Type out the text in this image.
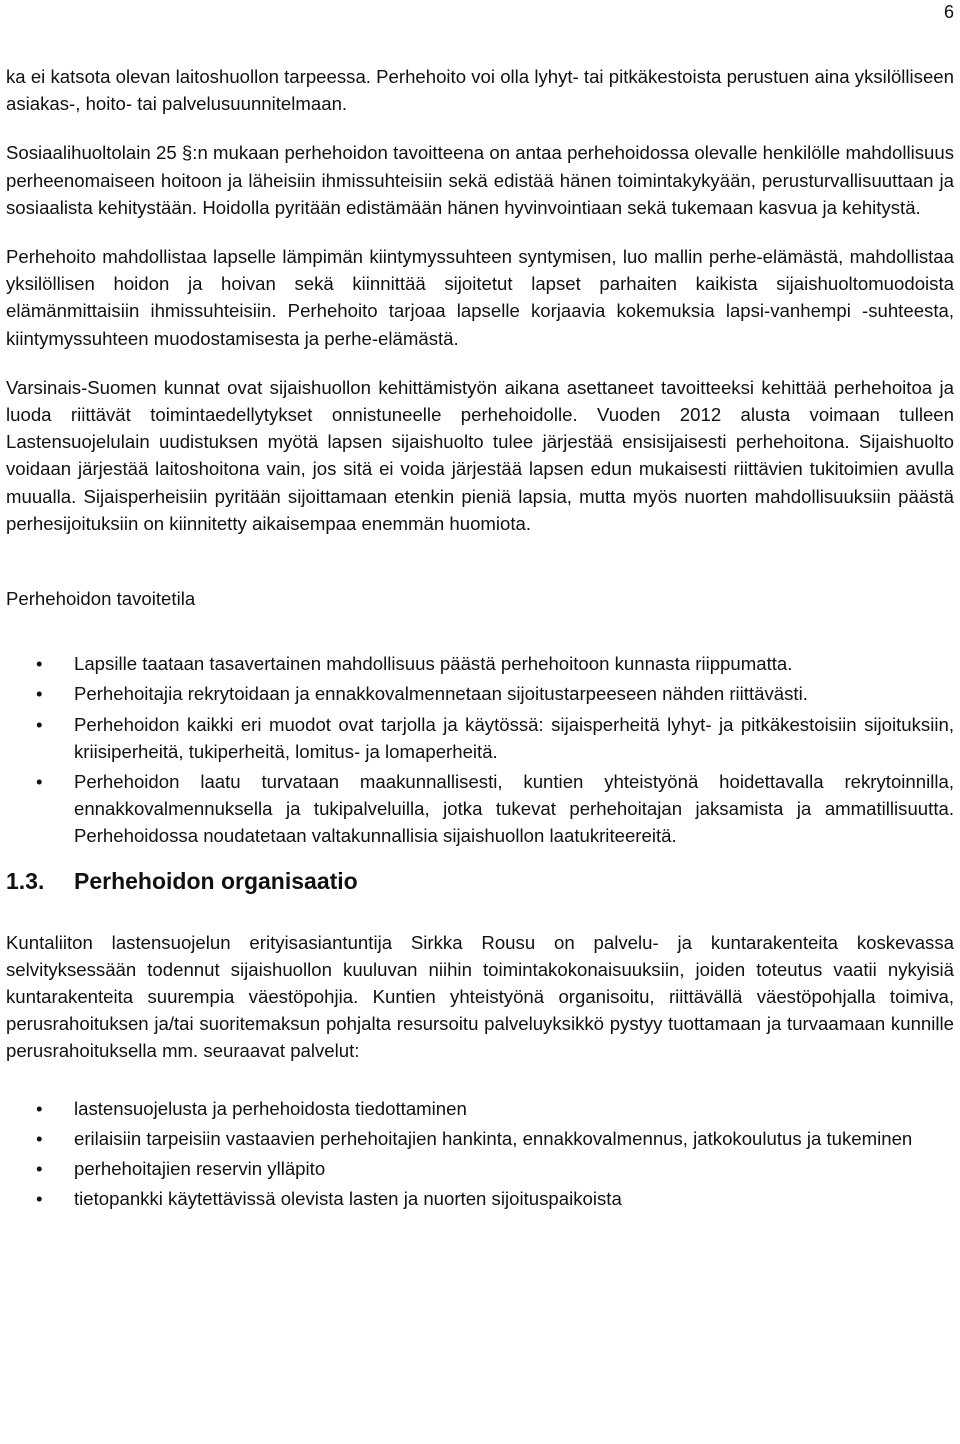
6

ka ei katsota olevan laitoshuollon tarpeessa. Perhehoito voi olla lyhyt- tai pitkäkestoista perustuen aina yksilölliseen asiakas-, hoito- tai palvelusuunnitelmaan.

Sosiaalihuoltolain 25 §:n mukaan perhehoidon tavoitteena on antaa perhehoidossa olevalle henkilölle mahdollisuus perheenomaiseen hoitoon ja läheisiin ihmissuhteisiin sekä edistää hänen toimintakykyään, perusturvallisuuttaan ja sosiaalista kehitystään. Hoidolla pyritään edistämään hänen hyvinvointiaan sekä tukemaan kasvua ja kehitystä.

Perhehoito mahdollistaa lapselle lämpimän kiintymyssuhteen syntymisen, luo mallin perhe-elämästä, mahdollistaa yksilöllisen hoidon ja hoivan sekä kiinnittää sijoitetut lapset parhaiten kaikista sijaishuoltomuodoista elämänmittaisiin ihmissuhteisiin. Perhehoito tarjoaa lapselle korjaavia kokemuksia lapsi-vanhempi -suhteesta, kiintymyssuhteen muodostamisesta ja perhe-elämästä.

Varsinais-Suomen kunnat ovat sijaishuollon kehittämistyön aikana asettaneet tavoitteeksi kehittää perhehoitoa ja luoda riittävät toimintaedellytykset onnistuneelle perhehoidolle. Vuoden 2012 alusta voimaan tulleen Lastensuojelulain uudistuksen myötä lapsen sijaishuolto tulee järjestää ensisijaisesti perhehoitona. Sijaishuolto voidaan järjestää laitoshoitona vain, jos sitä ei voida järjestää lapsen edun mukaisesti riittävien tukitoimien avulla muualla. Sijaisperheisiin pyritään sijoittamaan etenkin pieniä lapsia, mutta myös nuorten mahdollisuuksiin päästä perhesijoituksiin on kiinnitetty aikaisempaa enemmän huomiota.

Perhehoidon tavoitetila

• Lapsille taataan tasavertainen mahdollisuus päästä perhehoitoon kunnasta riippumatta.
• Perhehoitajia rekrytoidaan ja ennakkovalmennetaan sijoitustarpeeseen nähden riittävästi.
• Perhehoidon kaikki eri muodot ovat tarjolla ja käytössä: sijaisperheitä lyhyt- ja pitkäkestoisiin sijoituksiin, kriisiperheitä, tukiperheitä, lomitus- ja lomaperheitä.
• Perhehoidon laatu turvataan maakunnallisesti, kuntien yhteistyönä hoidettavalla rekrytoinnilla, ennakkovalmennuksella ja tukipalveluilla, jotka tukevat perhehoitajan jaksamista ja ammatillisuutta. Perhehoidossa noudatetaan valtakunnallisia sijaishuollon laatukriteereitä.
1.3.	Perhehoidon organisaatio

Kuntaliiton lastensuojelun erityisasiantuntija Sirkka Rousu on palvelu- ja kuntarakenteita koskevassa selvityksessään todennut sijaishuollon kuuluvan niihin toimintakokonaisuuksiin, joiden toteutus vaatii nykyisiä kuntarakenteita suurempia väestöpohjia. Kuntien yhteistyönä organisoitu, riittävällä väestöpohjalla toimiva, perusrahoituksen ja/tai suoritemaksun pohjalta resursoitu palveluyksikkö pystyy tuottamaan ja turvaamaan kunnille perusrahoituksella mm. seuraavat palvelut:

• lastensuojelusta ja perhehoidosta tiedottaminen
• erilaisiin tarpeisiin vastaavien perhehoitajien hankinta, ennakkovalmennus, jatkokoulutus ja tukeminen
• perhehoitajien reservin ylläpito
• tietopankki käytettävissä olevista lasten ja nuorten sijoituspaikoista
